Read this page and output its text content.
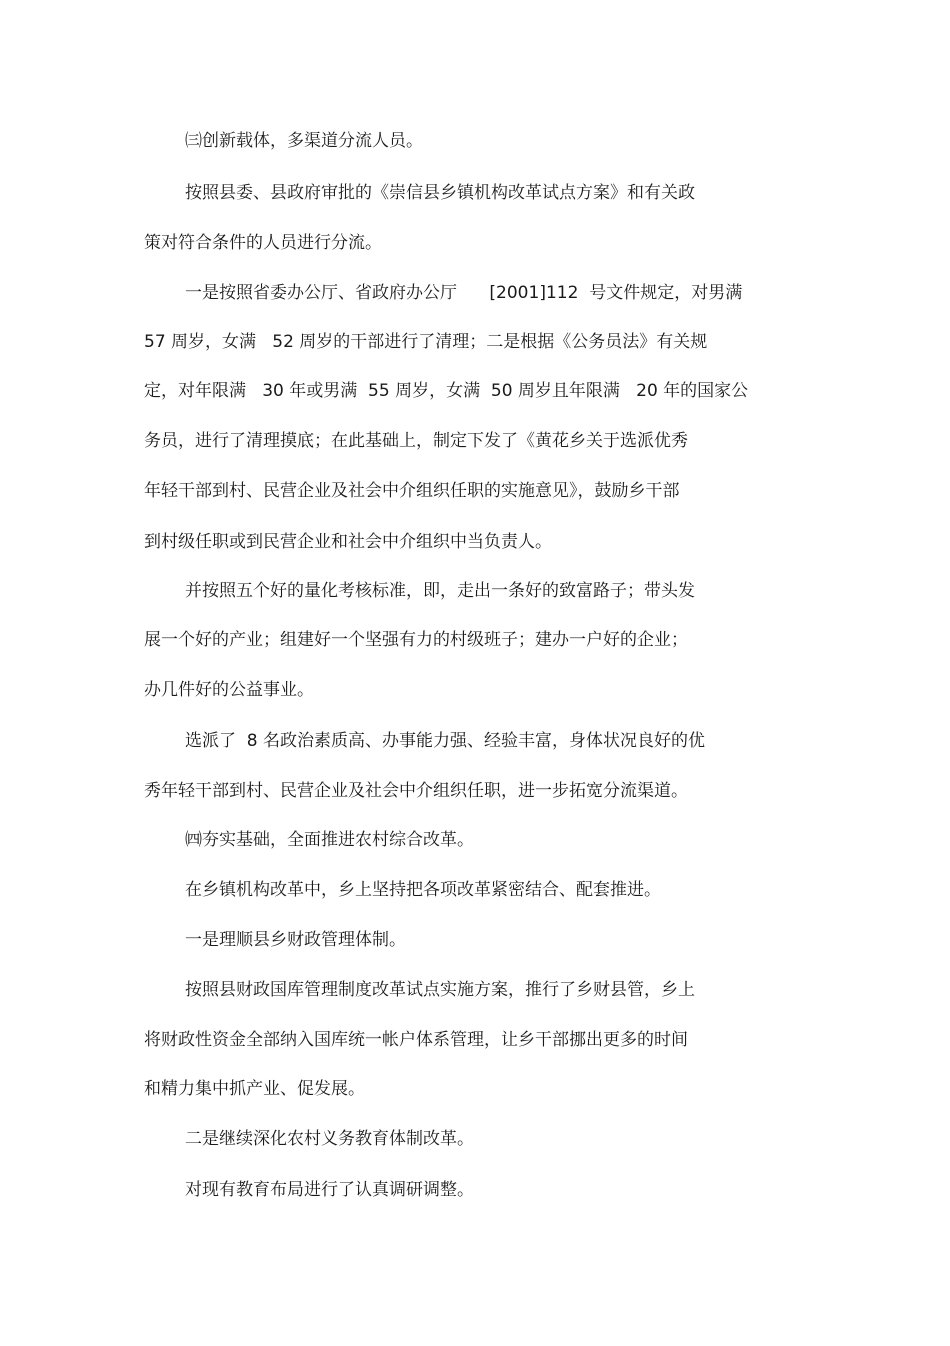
㈢创新载体，多渠道分流人员。

按照县委、县政府审批的《崇信县乡镇机构改革试点方案》和有关政

策对符合条件的人员进行分流。

一是按照省委办公厅、省政府办公厅      [2001]112  号文件规定，对男满

57 周岁，女满   52 周岁的干部进行了清理；二是根据《公务员法》有关规

定，对年限满   30 年或男满  55 周岁，女满  50 周岁且年限满   20 年的国家公

务员，进行了清理摸底；在此基础上，制定下发了《黄花乡关于选派优秀

年轻干部到村、民营企业及社会中介组织任职的实施意见》，鼓励乡干部

到村级任职或到民营企业和社会中介组织中当负责人。

并按照五个好的量化考核标准，即，走出一条好的致富路子；带头发

展一个好的产业；组建好一个坚强有力的村级班子；建办一户好的企业；

办几件好的公益事业。

选派了  8 名政治素质高、办事能力强、经验丰富，身体状况良好的优

秀年轻干部到村、民营企业及社会中介组织任职，进一步拓宽分流渠道。

㈣夯实基础，全面推进农村综合改革。

在乡镇机构改革中，乡上坚持把各项改革紧密结合、配套推进。

一是理顺县乡财政管理体制。

按照县财政国库管理制度改革试点实施方案，推行了乡财县管，乡上

将财政性资金全部纳入国库统一帐户体系管理，让乡干部挪出更多的时间

和精力集中抓产业、促发展。

二是继续深化农村义务教育体制改革。

对现有教育布局进行了认真调研调整。
